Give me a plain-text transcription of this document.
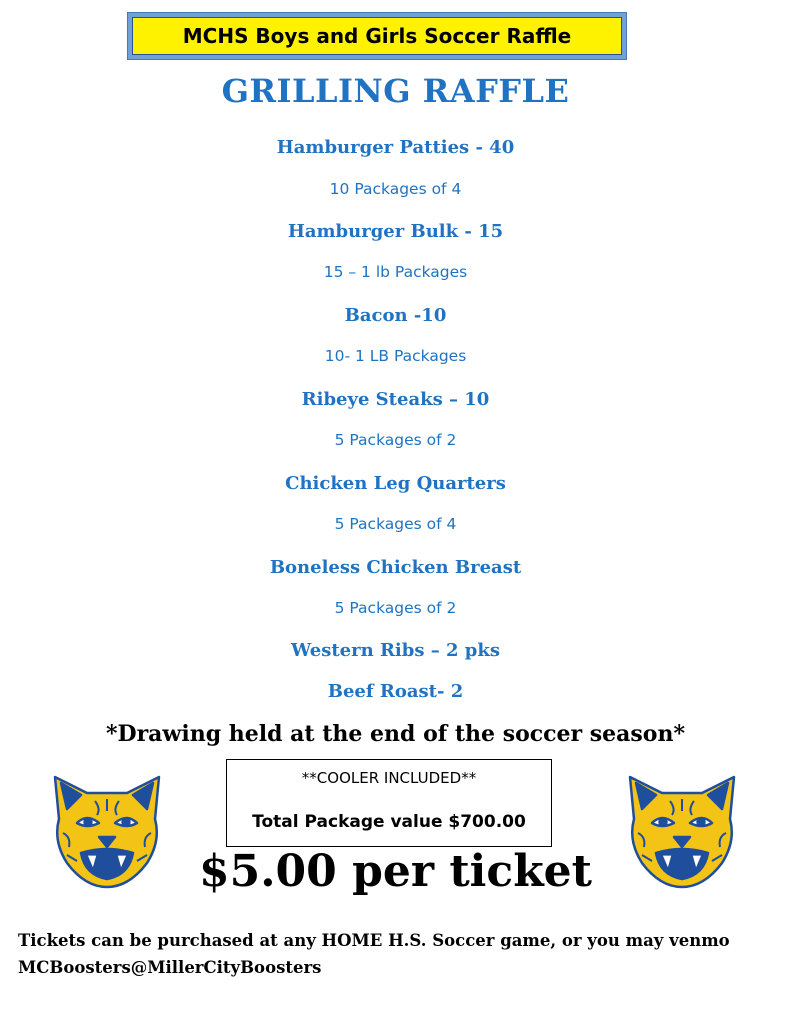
MCHS Boys and Girls Soccer Raffle
GRILLING RAFFLE
Hamburger Patties - 40
10 Packages of 4
Hamburger Bulk - 15
15 – 1 lb Packages
Bacon -10
10- 1 LB Packages
Ribeye Steaks – 10
5 Packages of 2
Chicken Leg Quarters
5 Packages of 4
Boneless Chicken Breast
5 Packages of 2
Western Ribs – 2 pks
Beef Roast- 2
*Drawing held at the end of the soccer season*
**COOLER INCLUDED**
Total Package value $700.00
$5.00 per ticket
Tickets can be purchased at any HOME H.S. Soccer game, or you may venmo
MCBoosters@MillerCityBoosters
